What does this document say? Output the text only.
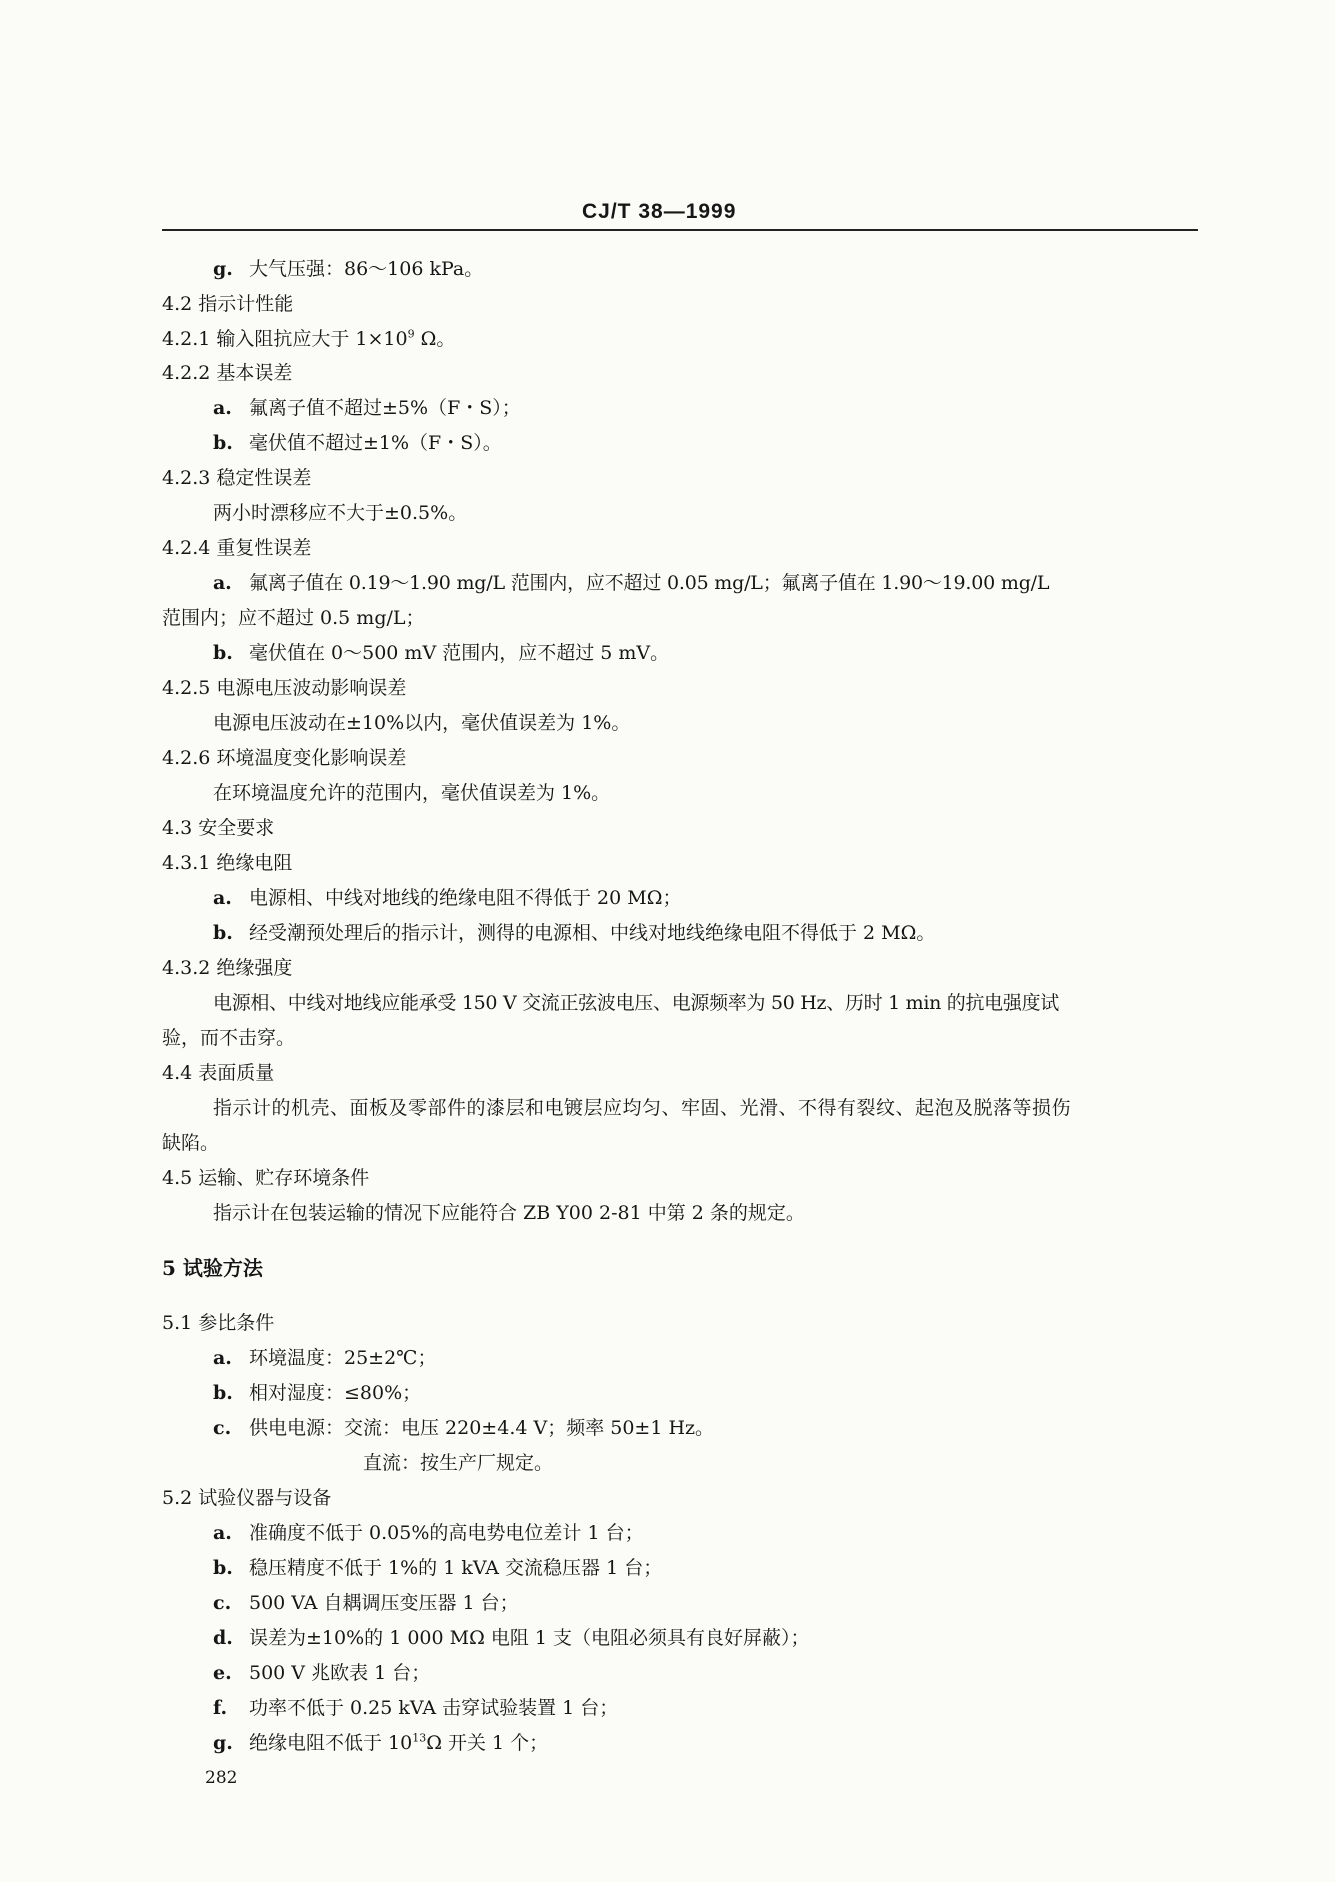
CJ/T 38—1999
g. 大气压强：86～106 kPa。
4.2 指示计性能
4.2.1 输入阻抗应大于 $1\times 10^9$ Ω。
4.2.2 基本误差
a. 氟离子值不超过±5%（F・S）；
b. 毫伏值不超过±1%（F・S）。
4.2.3 稳定性误差
两小时漂移应不大于±0.5%。
4.2.4 重复性误差
a. 氟离子值在 0.19～1.90 mg/L 范围内，应不超过 0.05 mg/L；氟离子值在 1.90～19.00 mg/L
范围内；应不超过 0.5 mg/L；
b. 毫伏值在 0～500 mV 范围内，应不超过 5 mV。
4.2.5 电源电压波动影响误差
电源电压波动在±10%以内，毫伏值误差为 1%。
4.2.6 环境温度变化影响误差
在环境温度允许的范围内，毫伏值误差为 1%。
4.3 安全要求
4.3.1 绝缘电阻
a. 电源相、中线对地线的绝缘电阻不得低于 20 MΩ；
b. 经受潮预处理后的指示计，测得的电源相、中线对地线绝缘电阻不得低于 2 MΩ。
4.3.2 绝缘强度
电源相、中线对地线应能承受 150 V 交流正弦波电压、电源频率为 50 Hz、历时 1 min 的抗电强度试
验，而不击穿。
4.4 表面质量
指示计的机壳、面板及零部件的漆层和电镀层应均匀、牢固、光滑、不得有裂纹、起泡及脱落等损伤
缺陷。
4.5 运输、贮存环境条件
指示计在包装运输的情况下应能符合 ZB Y00 2-81 中第 2 条的规定。
5 试验方法
5.1 参比条件
a. 环境温度：25±2℃；
b. 相对湿度：≤80%；
c. 供电电源：交流：电压 220±4.4 V；频率 50±1 Hz。
直流：按生产厂规定。
5.2 试验仪器与设备
a. 准确度不低于 0.05%的高电势电位差计 1 台；
b. 稳压精度不低于 1%的 1 kVA 交流稳压器 1 台；
c. 500 VA 自耦调压变压器 1 台；
d. 误差为±10%的 1 000 MΩ 电阻 1 支（电阻必须具有良好屏蔽）；
e. 500 V 兆欧表 1 台；
f. 功率不低于 0.25 kVA 击穿试验装置 1 台；
g. 绝缘电阻不低于 $10^{13}\Omega$ 开关 1 个；
282
